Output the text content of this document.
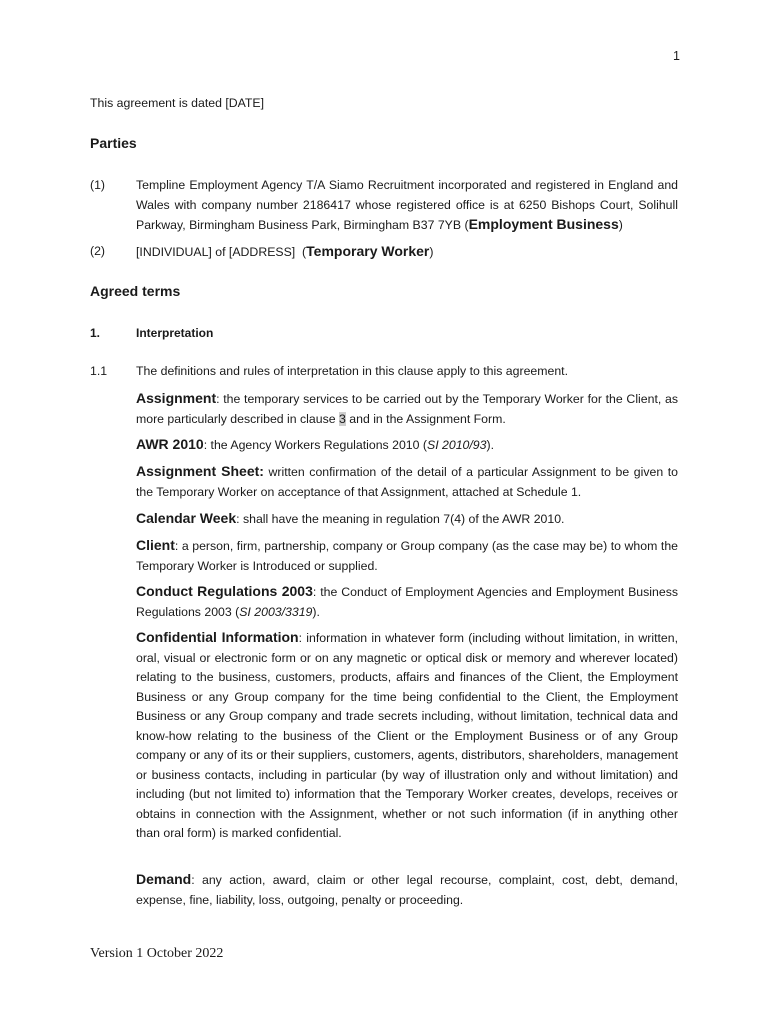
1
This agreement is dated [DATE]
Parties
(1)	Templine Employment Agency T/A Siamo Recruitment incorporated and registered in England and Wales with company number 2186417 whose registered office is at 6250 Bishops Court, Solihull Parkway, Birmingham Business Park, Birmingham B37 7YB (Employment Business)
(2)	[INDIVIDUAL] of [ADDRESS]  (Temporary Worker)
Agreed terms
1.	Interpretation
1.1 The definitions and rules of interpretation in this clause apply to this agreement.
Assignment: the temporary services to be carried out by the Temporary Worker for the Client, as more particularly described in clause 3 and in the Assignment Form.
AWR 2010: the Agency Workers Regulations 2010 (SI 2010/93).
Assignment Sheet: written confirmation of the detail of a particular Assignment to be given to the Temporary Worker on acceptance of that Assignment, attached at Schedule 1.
Calendar Week: shall have the meaning in regulation 7(4) of the AWR 2010.
Client: a person, firm, partnership, company or Group company (as the case may be) to whom the Temporary Worker is Introduced or supplied.
Conduct Regulations 2003: the Conduct of Employment Agencies and Employment Business Regulations 2003 (SI 2003/3319).
Confidential Information: information in whatever form (including without limitation, in written, oral, visual or electronic form or on any magnetic or optical disk or memory and wherever located) relating to the business, customers, products, affairs and finances of the Client, the Employment Business or any Group company for the time being confidential to the Client, the Employment Business or any Group company and trade secrets including, without limitation, technical data and know-how relating to the business of the Client or the Employment Business or of any Group company or any of its or their suppliers, customers, agents, distributors, shareholders, management or business contacts, including in particular (by way of illustration only and without limitation) and including (but not limited to) information that the Temporary Worker creates, develops, receives or obtains in connection with the Assignment, whether or not such information (if in anything other than oral form) is marked confidential.
Demand: any action, award, claim or other legal recourse, complaint, cost, debt, demand, expense, fine, liability, loss, outgoing, penalty or proceeding.
Version 1 October 2022
